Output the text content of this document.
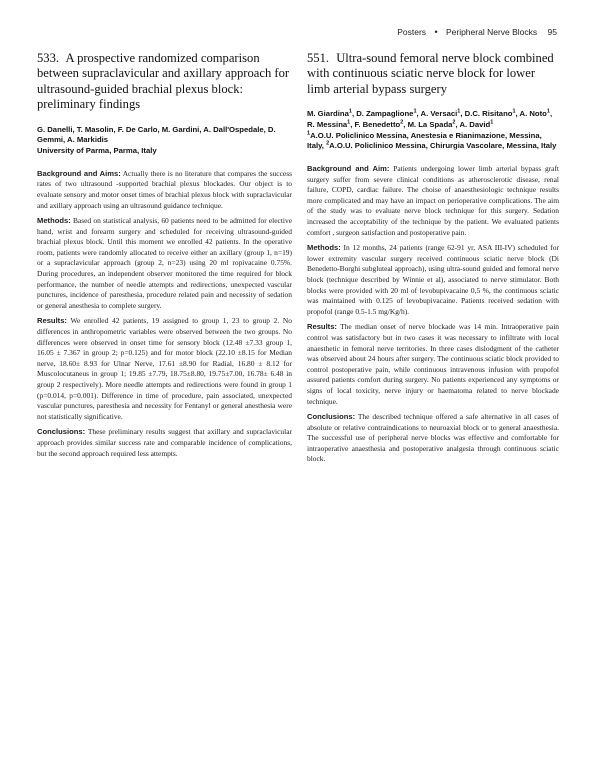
Posters • Peripheral Nerve Blocks 95
533. A prospective randomized comparison between supraclavicular and axillary approach for ultrasound-guided brachial plexus block: preliminary findings

G. Danelli, T. Masolin, F. De Carlo, M. Gardini, A. Dall'Ospedale, D. Gemmi, A. Markidis

University of Parma, Parma, Italy

Background and Aims: Actually there is no literature that compares the success rates of two ultrasound -supported brachial plexus blockades. Our object is to evaluate sensory and motor onset times of brachial plexus block with supraclavicular and axillary approach using an ultrasound guidance technique.

Methods: Based on statistical analysis, 60 patients need to be admitted for elective hand, wrist and forearm surgery and scheduled for receiving ultrasound-guided brachial plexus block. Until this moment we enrolled 42 patients. In the operative room, patients were randomly allocated to receive either an axillary (group 1, n=19) or a supraclavicular approach (group 2, n=23) using 20 ml ropivacaine 0.75%. During procedures, an independent observer monitored the time required for block performance, the number of needle attempts and redirections, unexpected vascular punctures, incidence of paresthesia, procedure related pain and necessity of sedation or general anesthesia to complete surgery.

Results: We enrolled 42 patients, 19 assigned to group 1, 23 to group 2. No differences in anthropometric variables were observed between the two groups. No differences were observed in onset time for sensory block (12.48 ±7.33 group 1, 16.05 ± 7.367 in group 2; p=0.125) and for motor block (22.10 ±8.15 for Median nerve, 18.60± 8.93 for Ulnar Nerve, 17.61 ±8.90 for Radial, 16.80 ± 8.12 for Muscolocutaneus in group 1; 19.85 ±7.79, 18.75±8.80, 19.75±7.00, 16.78± 6.48 in group 2 respectively). More needle attempts and redirections were found in group 1 (p=0.014, p=0.001). Difference in time of procedure, pain associated, unexpected vascular punctures, paresthesia and necessity for Fentanyl or general anesthesia were not statistically significative.

Conclusions: These preliminary results suggest that axillary and supraclavicular approach provides similar success rate and comparable incidence of complications, but the second approach required less attempts.

551. Ultra-sound femoral nerve block combined with continuous sciatic nerve block for lower limb arterial bypass surgery

M. Giardina$^1$, D. Zampaglione$^1$, A. Versaci$^1$, D.C. Risitano$^1$, A. Noto$^1$, R. Messina$^1$, F. Benedetto$^2$, M. La Spada$^2$, A. David$^1$

$^1$A.O.U. Policlinico Messina, Anestesia e Rianimazione, Messina, Italy, $^2$A.O.U. Policlinico Messina, Chirurgia Vascolare, Messina, Italy

Background and Aim: Patients undergoing lower limb arterial bypass graft surgery suffer from severe clinical conditions as atherosclerotic disease, renal failure, COPD, cardiac failure. The choise of anaesthesiologic technique results more complicated and may have an impact on perioperative complications. The aim of the study was to evaluate nerve block technique for this surgery. Sedation increased the acceptability of the technique by the patient. We evaluated patients comfort , surgeon satisfaction and postoperative pain.

Methods: In 12 months, 24 patients (range 62-91 yr, ASA III-IV) scheduled for lower extremity vascular surgery received continuous sciatic nerve block (Di Benedetto-Borghi subgluteal approach), using ultra-sound guided and femoral nerve block (technique described by Winnie et al), associated to nerve stimulator. Both blocks were provided with 20 ml of levobupivacaine 0,5 %, the continuous sciatic was maintained with 0.125 of levobupivacaine. Patients received sedation with propofol (range 0.5-1.5 mg/Kg/h).

Results: The median onset of nerve blockade was 14 min. Intraoperative pain control was satisfactory but in two cases it was necessary to infiltrate with local anaesthetic in femoral nerve territories. In three cases dislodgment of the catheter was observed about 24 hours after surgery. The continuous sciatic block provided to control postoperative pain, while continuous intravenous infusion with propofol assured patients comfort during surgery. No patients experienced any symptoms or signs of local toxicity, nerve injury or haematoma related to nerve blockade technique.

Conclusions: The described technique offered a safe alternative in all cases of absolute or relative contraindications to neuroaxial block or to general anaesthesia. The successful use of peripheral nerve blocks was effective and comfortable for intraoperative anaesthesia and postoperative analgesia through continuous sciatic block.
